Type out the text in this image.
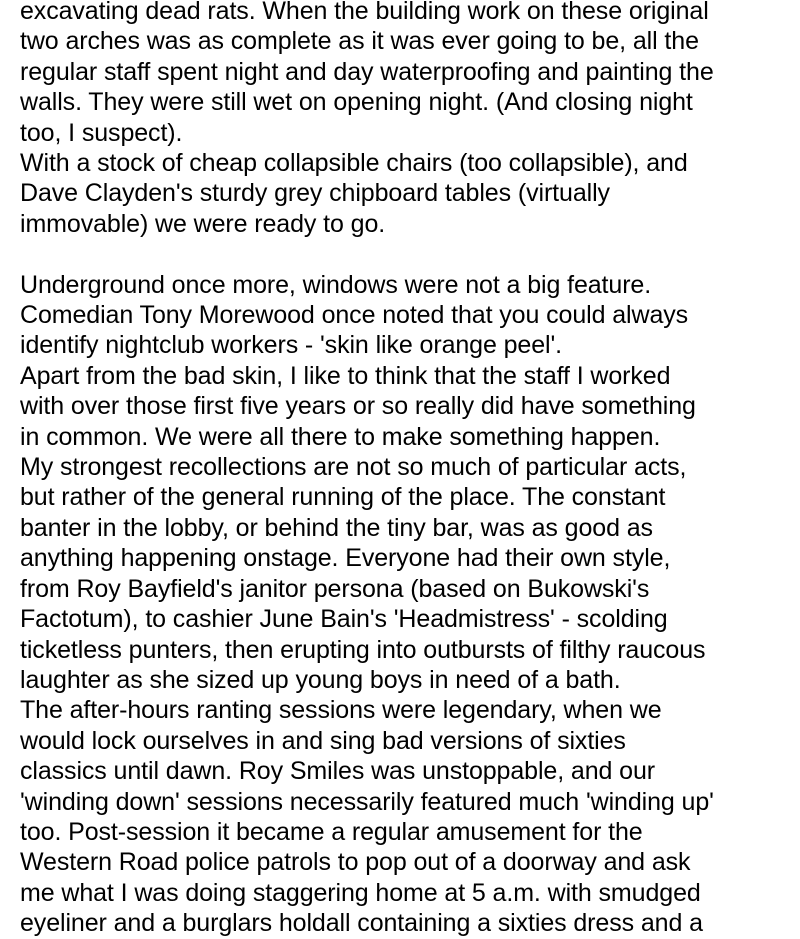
excavating dead rats. When the building work on these original
two arches was as complete as it was ever going to be, all the
regular staff spent night and day waterproofing and painting the
walls. They were still wet on opening night. (And closing night
too, I suspect).
With a stock of cheap collapsible chairs (too collapsible), and
Dave Clayden's sturdy grey chipboard tables (virtually
immovable) we were ready to go.
Underground once more, windows were not a big feature.
Comedian Tony Morewood once noted that you could always
identify nightclub workers - 'skin like orange peel'.
Apart from the bad skin, I like to think that the staff I worked
with over those first five years or so really did have something
in common. We were all there to make something happen.
My strongest recollections are not so much of particular acts,
but rather of the general running of the place. The constant
banter in the lobby, or behind the tiny bar, was as good as
anything happening onstage. Everyone had their own style,
from Roy Bayfield's janitor persona (based on Bukowski's
Factotum), to cashier June Bain's 'Headmistress' - scolding
ticketless punters, then erupting into outbursts of filthy raucous
laughter as she sized up young boys in need of a bath.
The after-hours ranting sessions were legendary, when we
would lock ourselves in and sing bad versions of sixties
classics until dawn. Roy Smiles was unstoppable, and our
'winding down' sessions necessarily featured much 'winding up'
too. Post-session it became a regular amusement for the
Western Road police patrols to pop out of a doorway and ask
me what I was doing staggering home at 5 a.m. with smudged
eyeliner and a burglars holdall containing a sixties dress and a
